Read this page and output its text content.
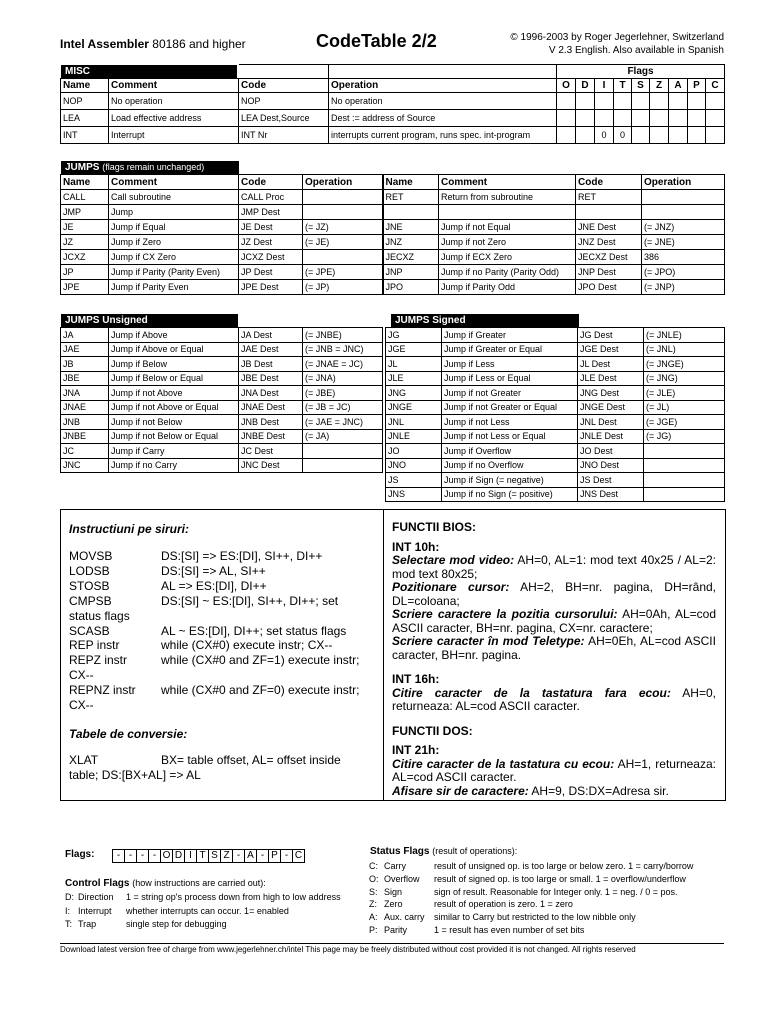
Intel Assembler 80186 and higher	CodeTable 2/2	© 1996-2003 by Roger Jegerlehner, Switzerland
V 2.3 English. Also available in Spanish
MISC
					Flags								
Name	Comment	Code	Operation	O	D	I	T	S	Z	A	P	C
NOP	No operation	NOP	No operation									
LEA	Load effective address	LEA Dest,Source	Dest := address of Source									
INT	Interrupt	INT Nr	interrupts current program, runs spec. int-program			0	0					
JUMPS (flags remain unchanged)
Name	Comment	Code	Operation	Name	Comment	Code	Operation
CALL	Call subroutine	CALL Proc		RET	Return from subroutine	RET	
JMP	Jump	JMP Dest					
JE	Jump if Equal	JE Dest	(= JZ)	JNE	Jump if not Equal	JNE Dest	(= JNZ)
JZ	Jump if Zero	JZ Dest	(= JE)	JNZ	Jump if not Zero	JNZ Dest	(= JNE)
JCXZ	Jump if CX Zero	JCXZ Dest		JECXZ	Jump if ECX Zero	JECXZ Dest	386
JP	Jump if Parity (Parity Even)	JP Dest	(= JPE)	JNP	Jump if no Parity (Parity Odd)	JNP Dest	(= JPO)
JPE	Jump if Parity Even	JPE Dest	(= JP)	JPO	Jump if Parity Odd	JPO Dest	(= JNP)
JUMPS Unsigned
JA	Jump if Above	JA Dest	(= JNBE)
JAE	Jump if Above or Equal	JAE Dest	(= JNB = JNC)
JB	Jump if Below	JB Dest	(= JNAE = JC)
JBE	Jump if Below or Equal	JBE Dest	(= JNA)
JNA	Jump if not Above	JNA Dest	(= JBE)
JNAE	Jump if not Above or Equal	JNAE Dest	(= JB = JC)
JNB	Jump if not Below	JNB Dest	(= JAE = JNC)
JNBE	Jump if not Below or Equal	JNBE Dest	(= JA)
JC	Jump if Carry	JC Dest	
JNC	Jump if no Carry	JNC Dest	
JUMPS Signed
JG	Jump if Greater	JG Dest	(= JNLE)
JGE	Jump if Greater or Equal	JGE Dest	(= JNL)
JL	Jump if Less	JL Dest	(= JNGE)
JLE	Jump if Less or Equal	JLE Dest	(= JNG)
JNG	Jump if not Greater	JNG Dest	(= JLE)
JNGE	Jump if not Greater or Equal	JNGE Dest	(= JL)
JNL	Jump if not Less	JNL Dest	(= JGE)
JNLE	Jump if not Less or Equal	JNLE Dest	(= JG)
JO	Jump if Overflow	JO Dest	
JNO	Jump if no Overflow	JNO Dest	
JS	Jump if Sign (= negative)	JS Dest	
JNS	Jump if no Sign (= positive)	JNS Dest	
Instructiuni pe siruri:
MOVSB	DS:[SI] => ES:[DI], SI++, DI++
LODSB	DS:[SI] => AL, SI++
STOSB	AL => ES:[DI], DI++
CMPSB	DS:[SI] ~ ES:[DI], SI++, DI++; set
status flags
SCASB	AL ~ ES:[DI], DI++; set status flags
REP instr	while (CX#0) execute instr; CX--
REPZ instr	while (CX#0 and ZF=1) execute instr;
CX--
REPNZ instr while (CX#0 and ZF=0) execute instr;
CX--
Tabele de conversie:
XLAT	BX= table offset, AL= offset inside
table; DS:[BX+AL] => AL
FUNCTII BIOS:
INT 10h:
Selectare mod video: AH=0, AL=1: mod text 40x25 / AL=2: mod text 80x25;
Pozitionare cursor: AH=2, BH=nr. pagina, DH=rând, DL=coloana;
Scriere caractere la pozitia cursorului: AH=0Ah, AL=cod ASCII caracter, BH=nr. pagina, CX=nr. caractere;
Scriere caracter în mod Teletype: AH=0Eh, AL=cod ASCII caracter, BH=nr. pagina.
INT 16h:
Citire caracter de la tastatura fara ecou: AH=0, returneaza: AL=cod ASCII caracter.
FUNCTII DOS:
INT 21h:
Citire caracter de la tastatura cu ecou: AH=1, returneaza: AL=cod ASCII caracter.
Afisare sir de caractere: AH=9, DS:DX=Adresa sir.
Flags:	- - - - O D I T S Z - A - P - C
Control Flags (how instructions are carried out):
D: Direction 1 = string op's process down from high to low address
I: Interrupt whether interrupts can occur. 1= enabled
T: Trap	single step for debugging
Status Flags (result of operations):
C: Carry	result of unsigned op. is too large or below zero. 1 = carry/borrow
O: Overflow result of signed op. is too large or small. 1 = overflow/underflow
S: Sign	sign of result. Reasonable for Integer only. 1 = neg. / 0 = pos.
Z: Zero	result of operation is zero. 1 = zero
A: Aux. carry similar to Carry but restricted to the low nibble only
P: Parity	1 = result has even number of set bits
Download latest version free of charge from www.jegerlehner.ch/intel This page may be freely distributed without cost provided it is not changed. All rights reserved
